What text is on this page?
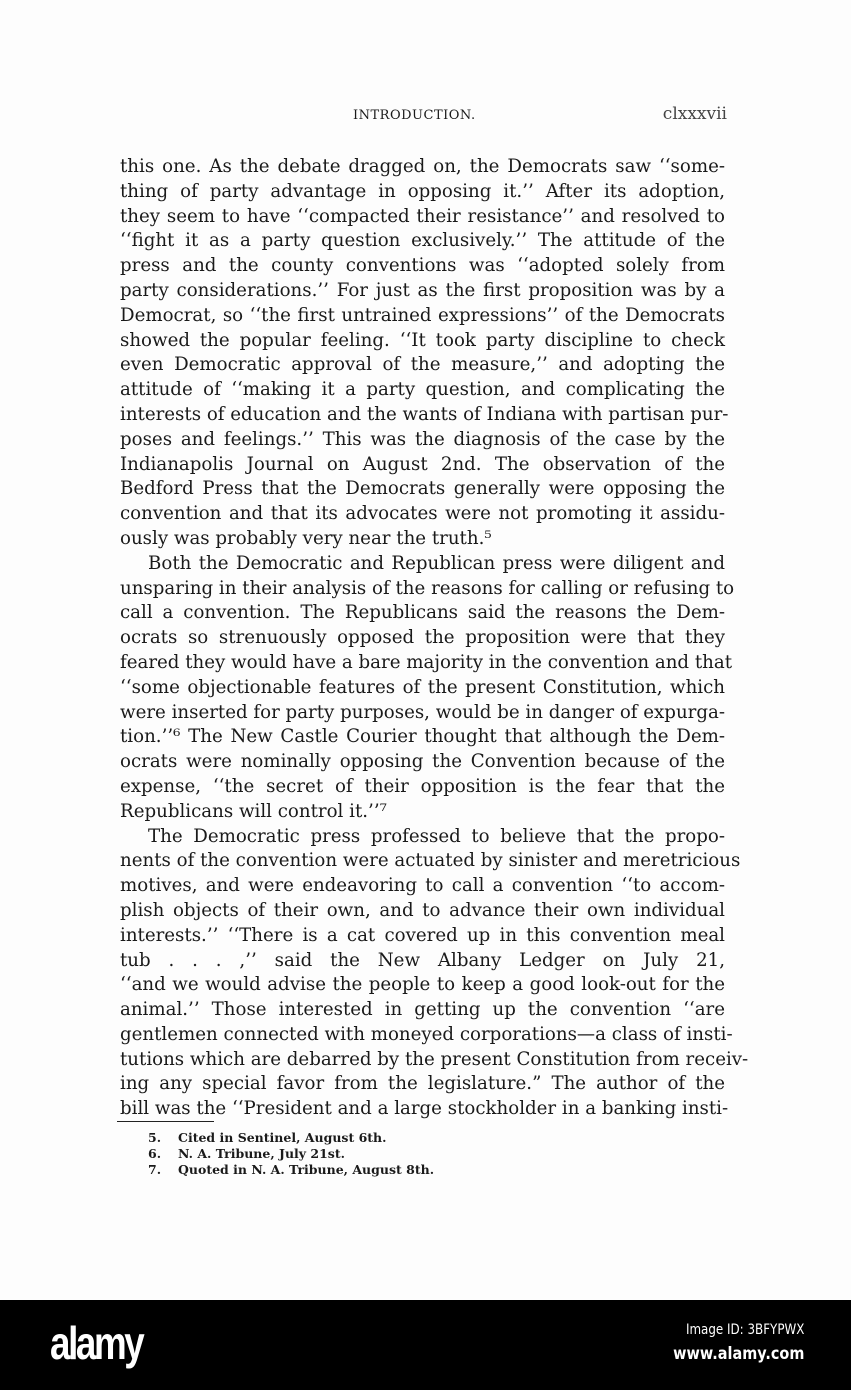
INTRODUCTION.	clxxxvii
this one. As the debate dragged on, the Democrats saw ‘‘some-
thing of party advantage in opposing it.’’ After its adoption,
they seem to have ‘‘compacted their resistance’’ and resolved to
‘‘fight it as a party question exclusively.’’ The attitude of the
press and the county conventions was ‘‘adopted solely from
party considerations.’’ For just as the first proposition was by a
Democrat, so ‘‘the first untrained expressions’’ of the Democrats
showed the popular feeling. ‘‘It took party discipline to check
even Democratic approval of the measure,’’ and adopting the
attitude of ‘‘making it a party question, and complicating the
interests of education and the wants of Indiana with partisan pur-
poses and feelings.’’ This was the diagnosis of the case by the
Indianapolis Journal on August 2nd. The observation of the
Bedford Press that the Democrats generally were opposing the
convention and that its advocates were not promoting it assidu-
ously was probably very near the truth.⁵
Both the Democratic and Republican press were diligent and
unsparing in their analysis of the reasons for calling or refusing to
call a convention. The Republicans said the reasons the Dem-
ocrats so strenuously opposed the proposition were that they
feared they would have a bare majority in the convention and that
‘‘some objectionable features of the present Constitution, which
were inserted for party purposes, would be in danger of expurga-
tion.’’⁶ The New Castle Courier thought that although the Dem-
ocrats were nominally opposing the Convention because of the
expense, ‘‘the secret of their opposition is the fear that the
Republicans will control it.’’⁷
The Democratic press professed to believe that the propo-
nents of the convention were actuated by sinister and meretricious
motives, and were endeavoring to call a convention ‘‘to accom-
plish objects of their own, and to advance their own individual
interests.’’ ‘‘There is a cat covered up in this convention meal
tub . . . ,’’ said the New Albany Ledger on July 21,
‘‘and we would advise the people to keep a good look-out for the
animal.’’ Those interested in getting up the convention ‘‘are
gentlemen connected with moneyed corporations—a class of insti-
tutions which are debarred by the present Constitution from receiv-
ing any special favor from the legislature.” The author of the
bill was the ‘‘President and a large stockholder in a banking insti-
5. Cited in Sentinel, August 6th.
6. N. A. Tribune, July 21st.
7. Quoted in N. A. Tribune, August 8th.
alamy	Image ID: 3BFYPWX
www.alamy.com
